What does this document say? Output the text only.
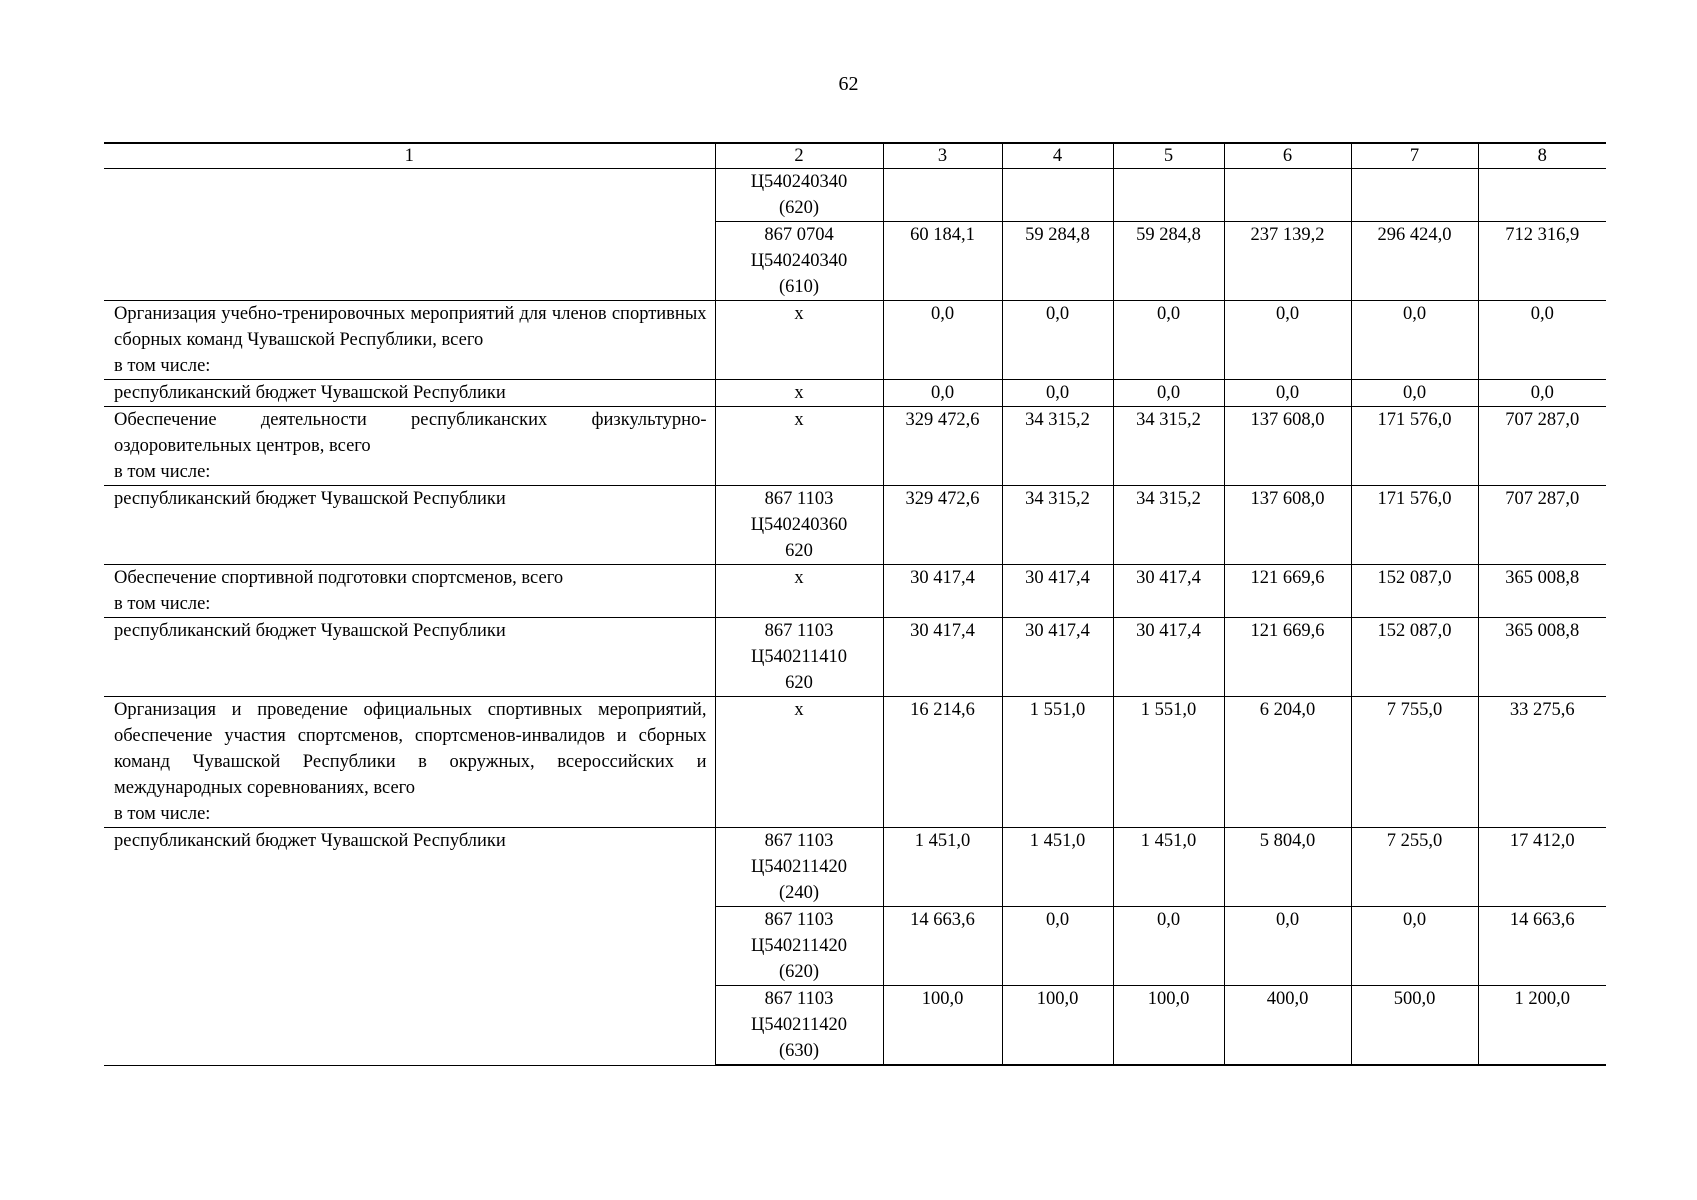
62
1	2	3	4	5	6	7	8

	Ц540240340
(620)						

	867 0704
Ц540240340
(610)	60 184,1	59 284,8	59 284,8	237 139,2	296 424,0	712 316,9

Организация учебно-тренировочных мероприятий для членов спортивных сборных команд Чувашской Республики, всего
в том числе:	х	0,0	0,0	0,0	0,0	0,0	0,0

республиканский бюджет Чувашской Республики	х	0,0	0,0	0,0	0,0	0,0	0,0

Обеспечение деятельности республиканских физкультурно-оздоровительных центров, всего
в том числе:	х	329 472,6	34 315,2	34 315,2	137 608,0	171 576,0	707 287,0

республиканский бюджет Чувашской Республики	867 1103
Ц540240360
620	329 472,6	34 315,2	34 315,2	137 608,0	171 576,0	707 287,0

Обеспечение спортивной подготовки спортсменов, всего
в том числе:	х	30 417,4	30 417,4	30 417,4	121 669,6	152 087,0	365 008,8

республиканский бюджет Чувашской Республики	867 1103
Ц540211410
620	30 417,4	30 417,4	30 417,4	121 669,6	152 087,0	365 008,8

Организация и проведение официальных спортивных мероприятий, обеспечение участия спортсменов, спортсменов-инвалидов и сборных команд Чувашской Республики в окружных, всероссийских и международных соревнованиях, всего
в том числе:	х	16 214,6	1 551,0	1 551,0	6 204,0	7 755,0	33 275,6

республиканский бюджет Чувашской Республики	867 1103
Ц540211420
(240)	1 451,0	1 451,0	1 451,0	5 804,0	7 255,0	17 412,0

	867 1103
Ц540211420
(620)	14 663,6	0,0	0,0	0,0	0,0	14 663,6

	867 1103
Ц540211420
(630)	100,0	100,0	100,0	400,0	500,0	1 200,0
